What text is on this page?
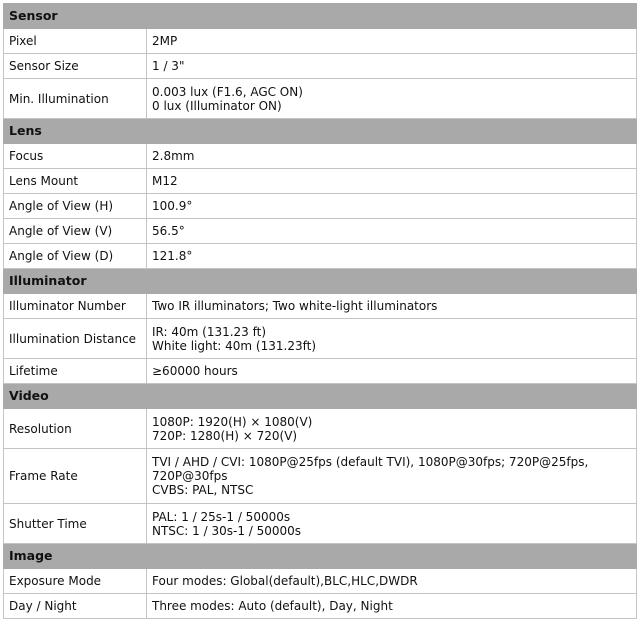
Sensor	
Pixel	2MP

Sensor Size	1 / 3"

Min. Illumination	0.003 lux (F1.6, AGC ON)
0 lux (Illuminator ON)

Lens	
Focus	2.8mm

Lens Mount	M12

Angle of View (H)	100.9°

Angle of View (V)	56.5°

Angle of View (D)	121.8°

Illuminator	
Illuminator Number	Two IR illuminators; Two white-light illuminators

Illumination Distance	IR: 40m (131.23 ft)
White light: 40m (131.23ft)

Lifetime	≥60000 hours

Video	
Resolution	1080P: 1920(H) × 1080(V)
720P: 1280(H) × 720(V)

Frame Rate	TVI / AHD / CVI: 1080P@25fps (default TVI), 1080P@30fps; 720P@25fps,
720P@30fps
CVBS: PAL, NTSC

Shutter Time	PAL: 1 / 25s-1 / 50000s
NTSC: 1 / 30s-1 / 50000s

Image	
Exposure Mode	Four modes: Global(default),BLC,HLC,DWDR

Day / Night	Three modes: Auto (default), Day, Night
